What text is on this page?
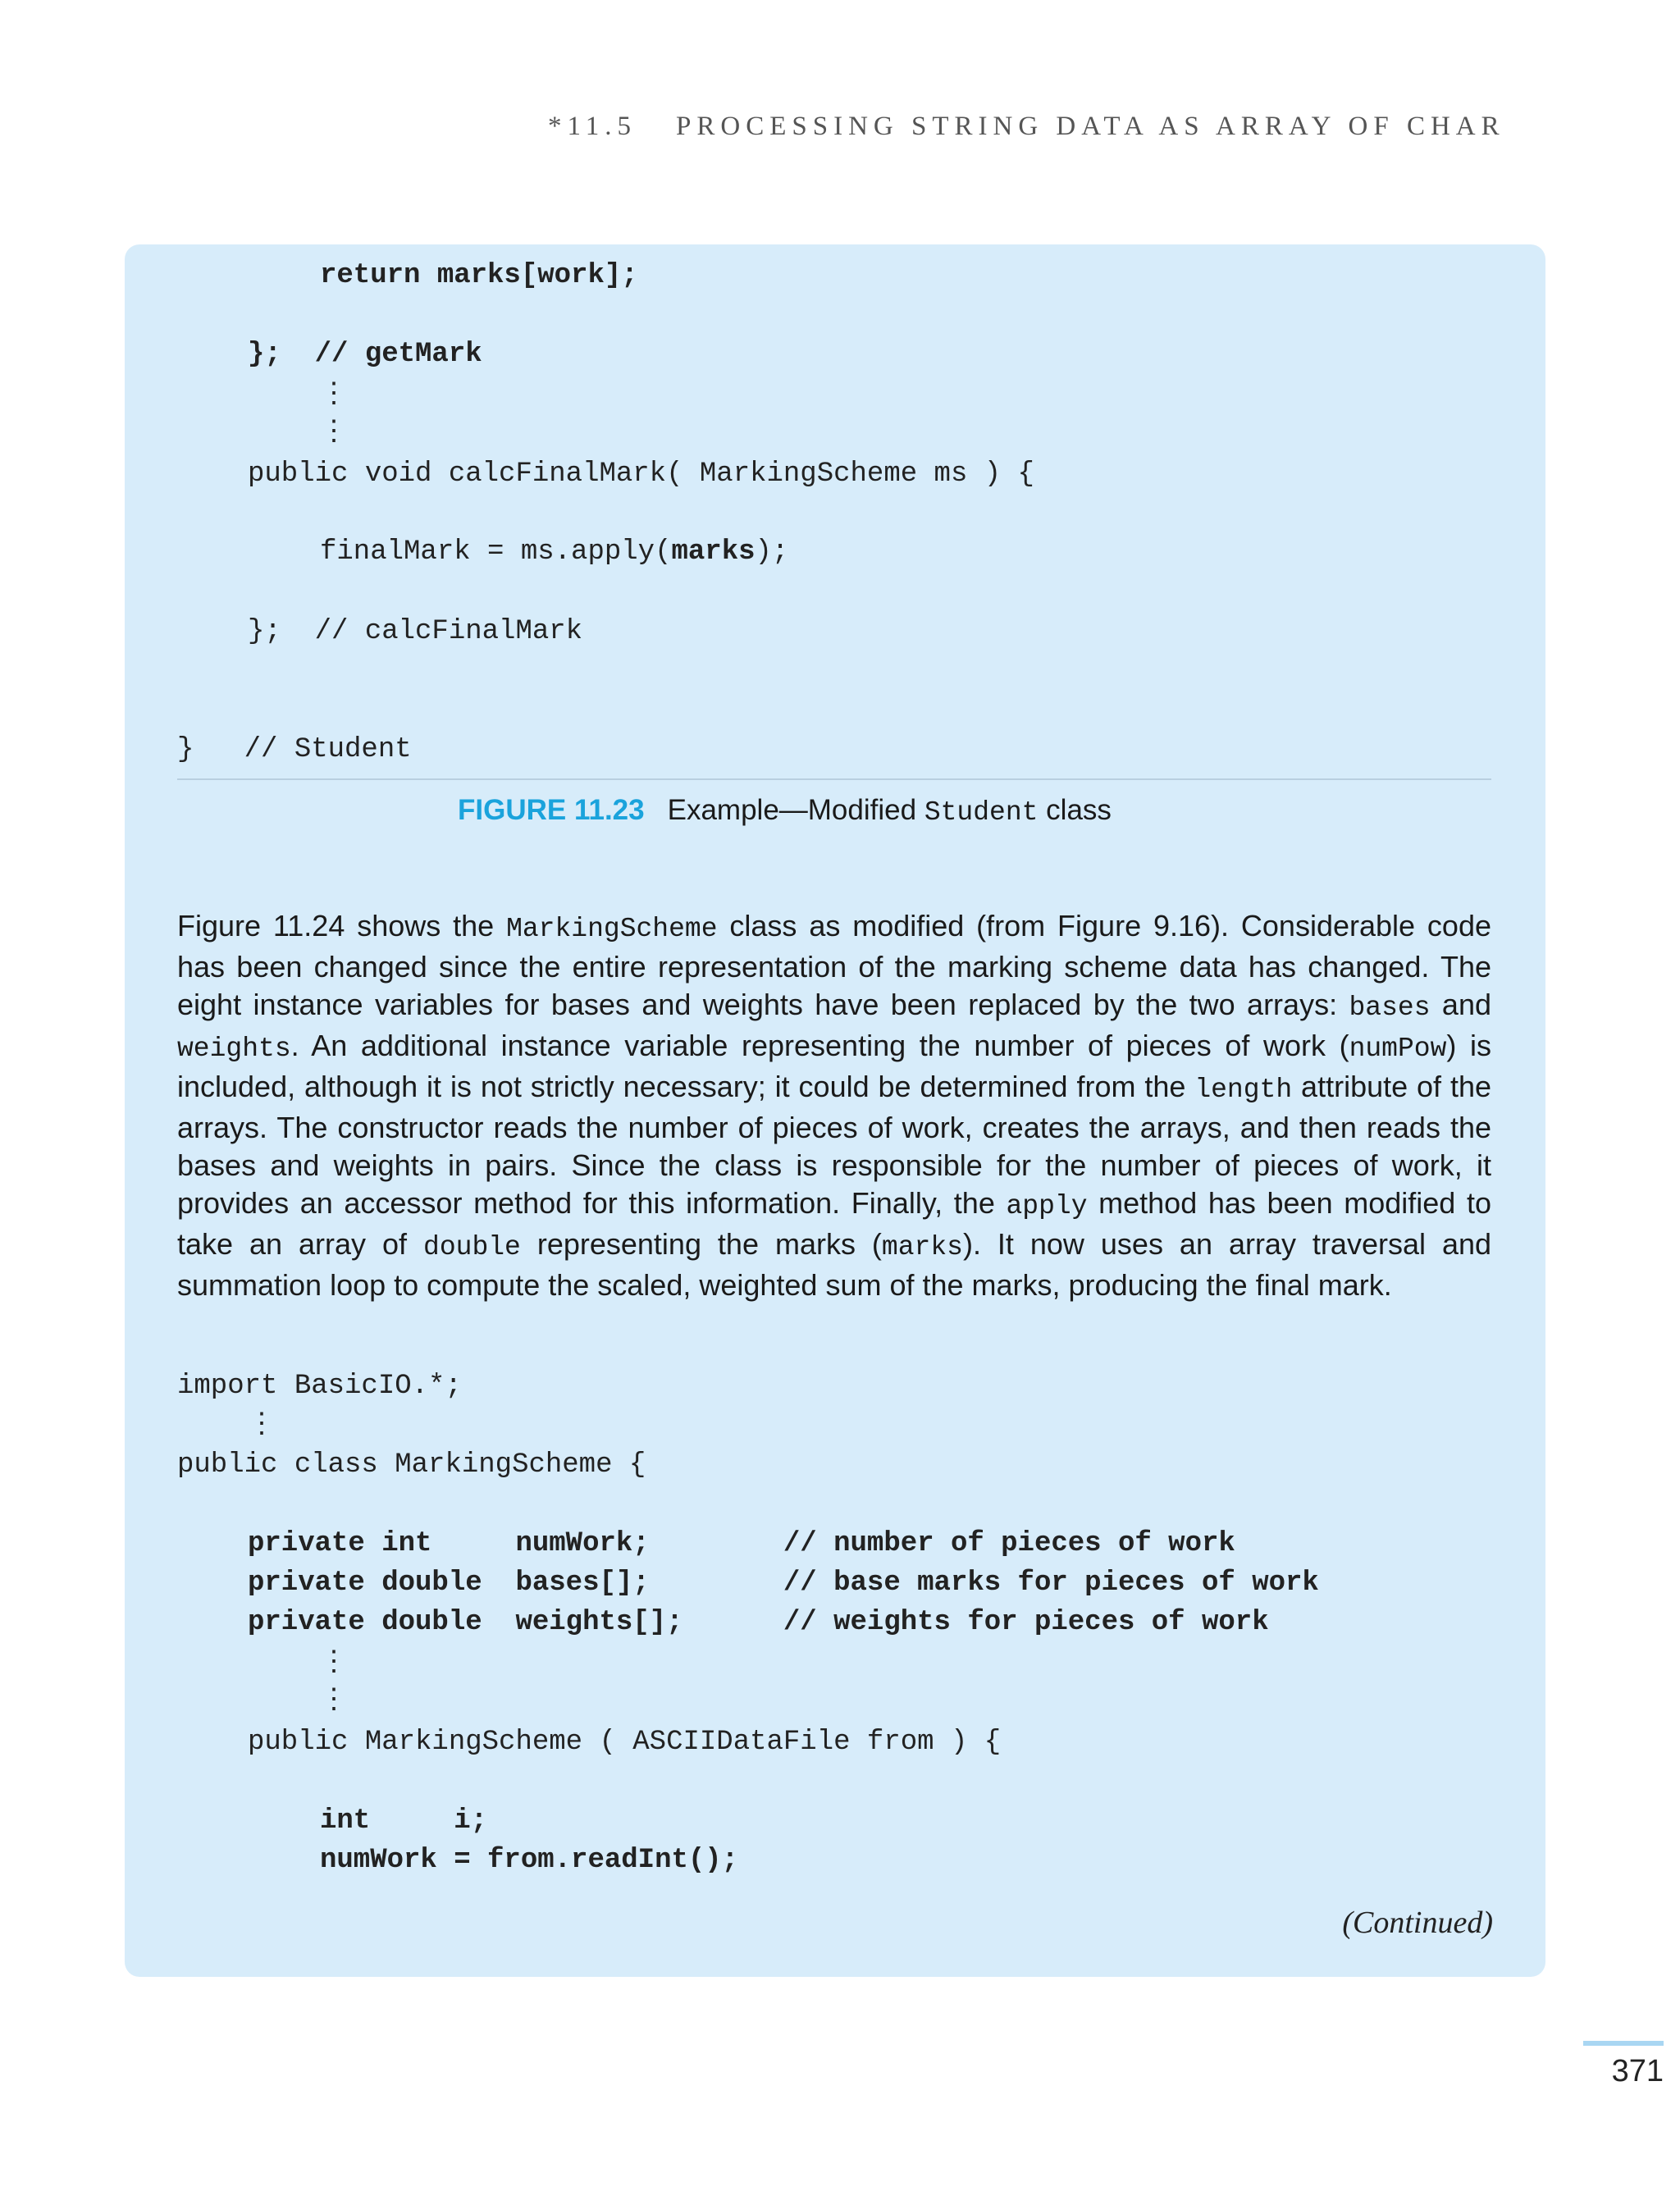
*11.5 PROCESSING STRING DATA AS ARRAY OF CHAR
return marks[work];
};  // getMark
⋮
⋮
public void calcFinalMark( MarkingScheme ms ) {
finalMark = ms.apply(marks);
};  // calcFinalMark
}   // Student
FIGURE 11.23 Example—Modified Student class
Figure 11.24 shows the MarkingScheme class as modified (from Figure 9.16). Considerable code has been changed since the entire representation of the marking scheme data has changed. The eight instance variables for bases and weights have been replaced by the two arrays: bases and weights. An additional instance variable representing the number of pieces of work (numPow) is included, although it is not strictly necessary; it could be determined from the length attribute of the arrays. The constructor reads the number of pieces of work, creates the arrays, and then reads the bases and weights in pairs. Since the class is responsible for the number of pieces of work, it provides an accessor method for this information. Finally, the apply method has been modified to take an array of double representing the marks (marks). It now uses an array traversal and summation loop to compute the scaled, weighted sum of the marks, producing the final mark.
import BasicIO.*;
⋮
public class MarkingScheme {
private int     numWork;        // number of pieces of work
private double  bases[];        // base marks for pieces of work
private double  weights[];      // weights for pieces of work
⋮
⋮
public MarkingScheme ( ASCIIDataFile from ) {
int     i;
numWork = from.readInt();
(Continued)
371
